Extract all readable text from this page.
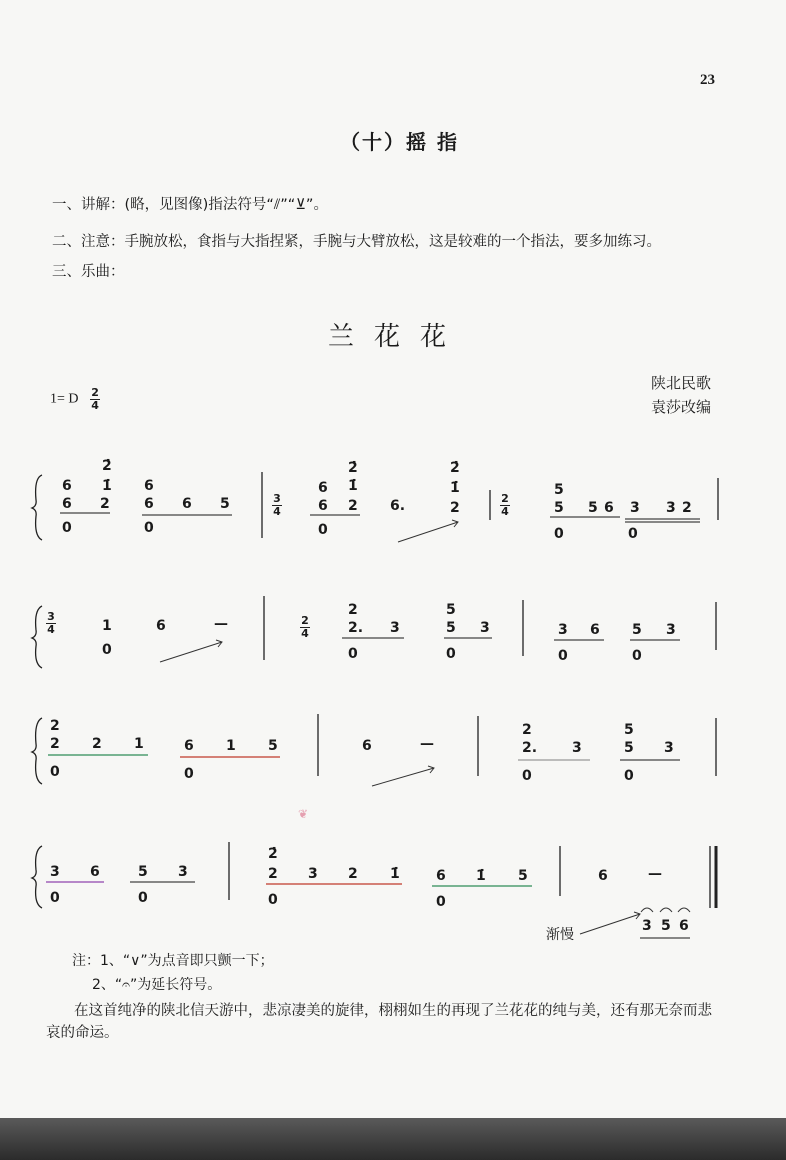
23
（十）摇 指
一、讲解：(略，见图像)指法符号“⫽”“⊻”。
二、注意：手腕放松，食指与大指捏紧，手腕与大臂放松，这是较难的一个指法，要多加练习。
三、乐曲：
兰花花
陕北民歌
袁莎改编
1= D $\frac{2}{4}$
❦
3
4
2
4
3
4
2
4
6
2̇
1̇
6 2
0
6
6 6 5
0
6
2̇
1̇
6 2
0
6.
2̇
1̇
2
5
5 5 6 3 3 2
0	0
1
0
6	—
2
2. 3
0
5
5 3
0
3 6 5 3
0	0
2
2 2 1
0
6 1 5
0
6	—
2
2. 3
0
5
5 3
0
3 6	5 3
0	0
2̇
2 3 2 1̇
0
6 1̇ 5
0
6	—
3 5 6
渐慢
注：1、“∨”为点音即只颤一下；
2、“𝄐”为延长符号。
在这首纯净的陕北信天游中，悲凉凄美的旋律，栩栩如生的再现了兰花花的纯与美，还有那无奈而悲哀的命运。
